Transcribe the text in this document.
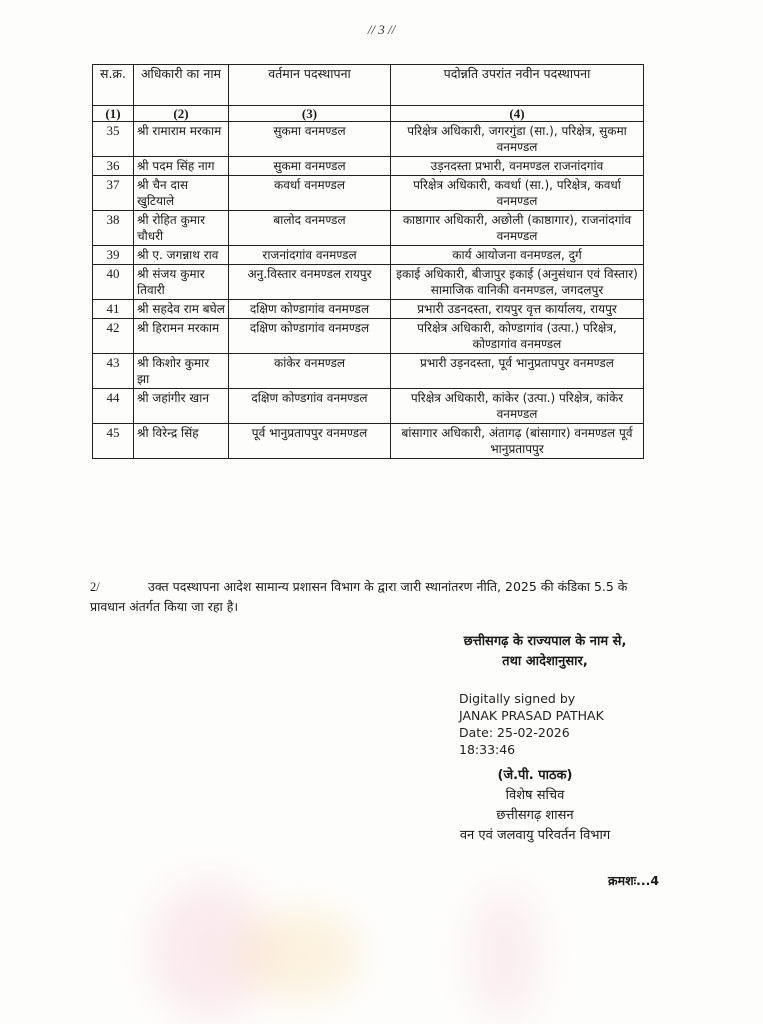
// 3 //
स.क्र.	अधिकारी का नाम	वर्तमान पदस्थापना	पदोन्नति उपरांत नवीन पदस्थापना
(1)	(2)	(3)	(4)
35	श्री रामाराम मरकाम	सुकमा वनमण्डल	परिक्षेत्र अधिकारी, जगरगुंडा (सा.), परिक्षेत्र, सुकमा वनमण्डल
36	श्री पदम सिंह नाग	सुकमा वनमण्डल	उड़नदस्ता प्रभारी, वनमण्डल राजनांदगांव
37	श्री चैन दास खुटियाले	कवर्धा वनमण्डल	परिक्षेत्र अधिकारी, कवर्धा (सा.), परिक्षेत्र, कवर्धा वनमण्डल
38	श्री रोहित कुमार चौधरी	बालोद वनमण्डल	काष्ठागार अधिकारी, अछोली (काष्ठागार), राजनांदगांव वनमण्डल
39	श्री ए. जगन्नाथ राव	राजनांदगांव वनमण्डल	कार्य आयोजना वनमण्डल, दुर्ग
40	श्री संजय कुमार तिवारी	अनु.विस्तार वनमण्डल रायपुर	इकाई अधिकारी, बीजापुर इकाई (अनुसंधान एवं विस्तार) सामाजिक वानिकी वनमण्डल, जगदलपुर
41	श्री सहदेव राम बघेल	दक्षिण कोण्डागांव वनमण्डल	प्रभारी उडनदस्ता, रायपुर वृत्त कार्यालय, रायपुर
42	श्री हिरामन मरकाम	दक्षिण कोण्डागांव वनमण्डल	परिक्षेत्र अधिकारी, कोण्डागांव (उत्पा.) परिक्षेत्र, कोण्डागांव वनमण्डल
43	श्री किशोर कुमार झा	कांकेर वनमण्डल	प्रभारी उड़नदस्ता, पूर्व भानुप्रतापपुर वनमण्डल
44	श्री जहांगीर खान	दक्षिण कोण्डगांव वनमण्डल	परिक्षेत्र अधिकारी, कांकेर (उत्पा.) परिक्षेत्र, कांकेर वनमण्डल
45	श्री विरेन्द्र सिंह	पूर्व भानुप्रतापपुर वनमण्डल	बांसागार अधिकारी, अंतागढ़ (बांसागार) वनमण्डल पूर्व भानुप्रतापपुर
2/	उक्त पदस्थापना आदेश सामान्य प्रशासन विभाग के द्वारा जारी स्थानांतरण नीति, 2025 की कंडिका 5.5 के प्रावधान अंतर्गत किया जा रहा है।
छत्तीसगढ़ के राज्यपाल के नाम से,
तथा आदेशानुसार,
Digitally signed by
JANAK PRASAD PATHAK
Date: 25-02-2026
18:33:46
(जे.पी. पाठक)
विशेष सचिव
छत्तीसगढ़ शासन
वन एवं जलवायु परिवर्तन विभाग
क्रमशः...4
